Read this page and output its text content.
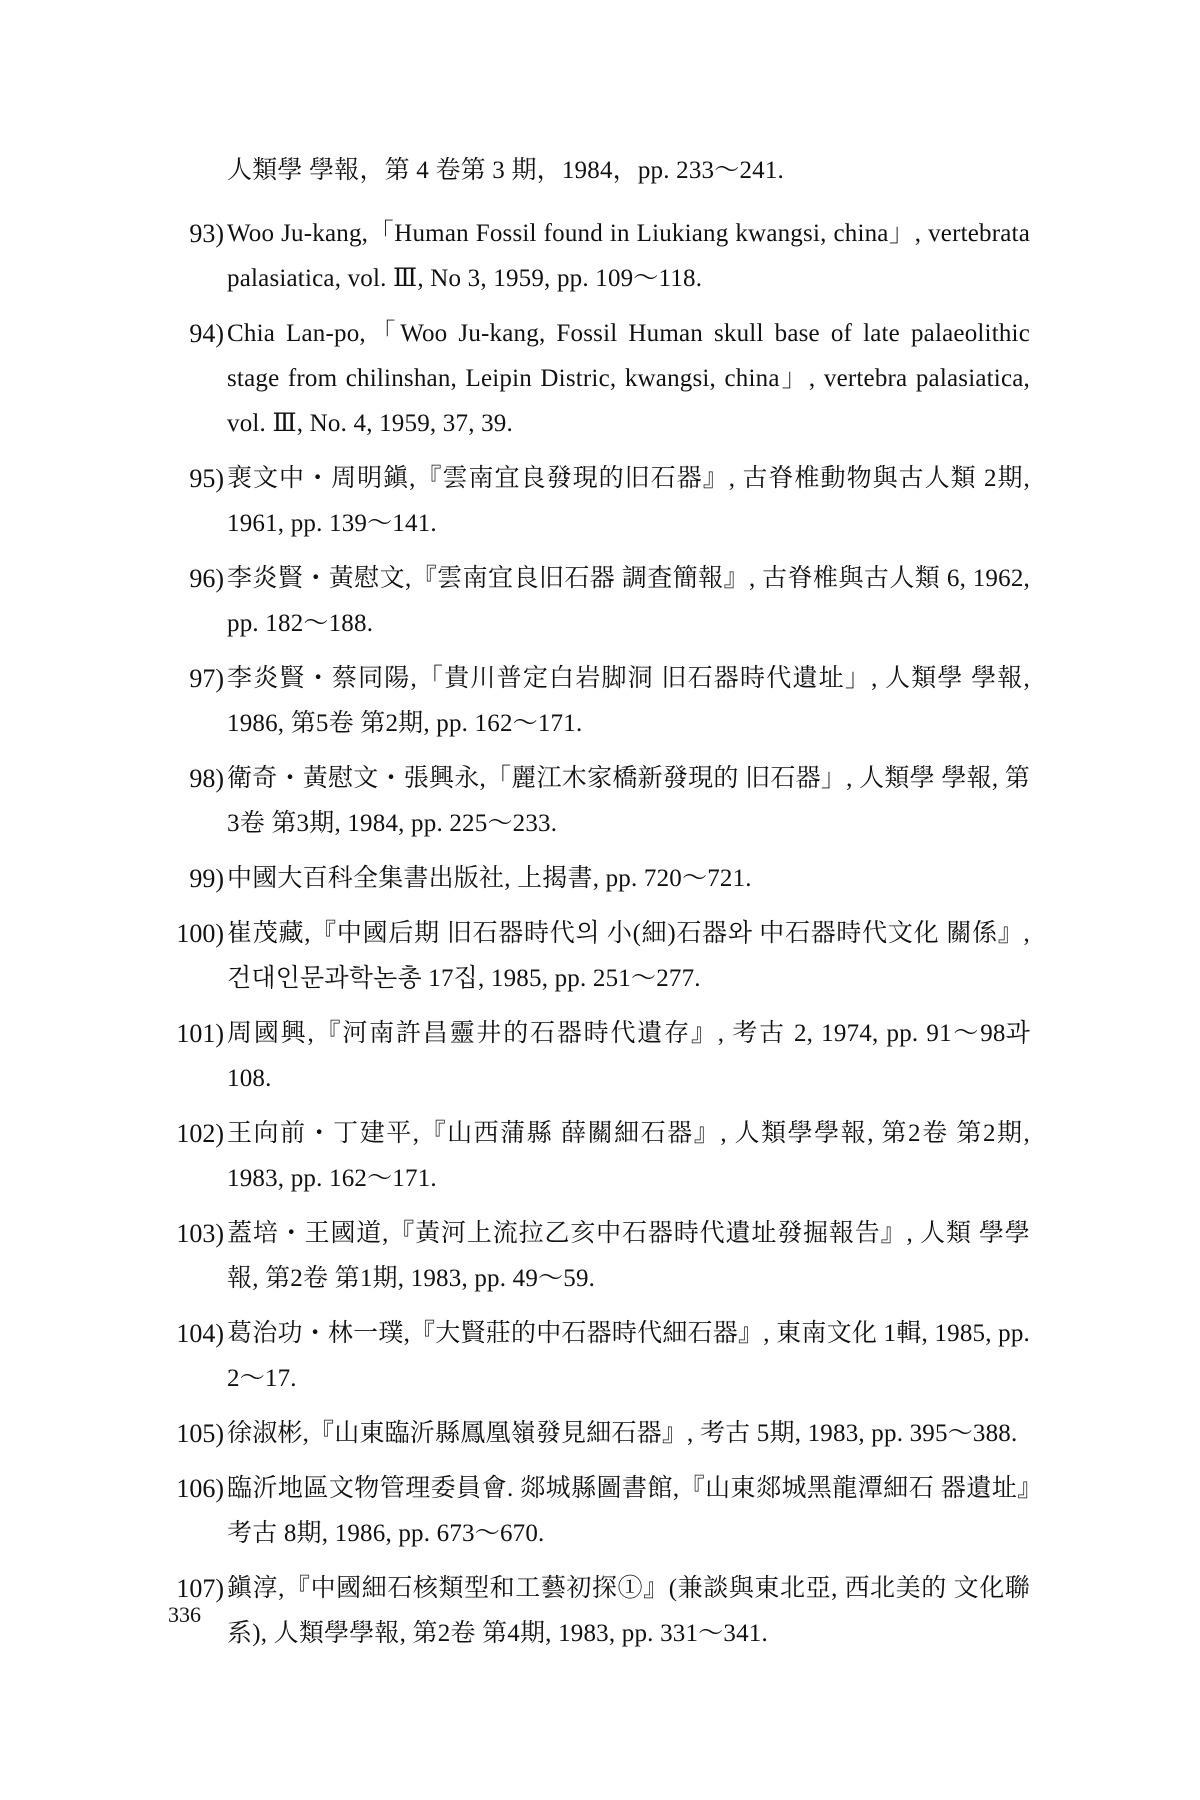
人類學 學報，第 4 卷第 3 期，1984，pp. 233～241.
93) Woo Ju-kang,「Human Fossil found in Liukiang kwangsi, china」, vertebrata palasiatica, vol. Ⅲ, No 3, 1959, pp. 109～118.
94) Chia Lan-po,「Woo Ju-kang, Fossil Human skull base of late palaeolithic stage from chilinshan, Leipin Distric, kwangsi, china」, vertebra palasiatica, vol. Ⅲ, No. 4, 1959, 37, 39.
95) 裵文中・周明鎭,『雲南宜良發現的旧石器』, 古脊椎動物與古人類 2期, 1961, pp. 139～141.
96) 李炎賢・黃慰文,『雲南宜良旧石器 調査簡報』, 古脊椎與古人類 6, 1962, pp. 182～188.
97) 李炎賢・蔡同陽,「貴川普定白岩脚洞 旧石器時代遺址」, 人類學 學報, 1986, 第5卷 第2期, pp. 162～171.
98) 衛奇・黃慰文・張興永,「麗江木家橋新發現的 旧石器」, 人類學 學報, 第3卷 第3期, 1984, pp. 225～233.
99) 中國大百科全集書出版社, 上揭書, pp. 720～721.
100) 崔茂藏,『中國后期 旧石器時代의 小(細)石器와 中石器時代文化 關係』, 건대인문과학논총 17집, 1985, pp. 251～277.
101) 周國興,『河南許昌靈井的石器時代遺存』, 考古 2, 1974, pp. 91～98과 108.
102) 王向前・丁建平,『山西蒲縣 薛關細石器』, 人類學學報, 第2卷 第2期, 1983, pp. 162～171.
103) 蓋培・王國道,『黃河上流拉乙亥中石器時代遺址發掘報告』, 人類 學學報, 第2卷 第1期, 1983, pp. 49～59.
104) 葛治功・林一璞,『大賢莊的中石器時代細石器』, 東南文化 1輯, 1985, pp. 2～17.
105) 徐淑彬,『山東臨沂縣鳳凰嶺發見細石器』, 考古 5期, 1983, pp. 395～388.
106) 臨沂地區文物管理委員會. 郯城縣圖書館,『山東郯城黑龍潭細石 器遺址』考古 8期, 1986, pp. 673～670.
107) 鎭淳,『中國細石核類型和工藝初探①』(兼談與東北亞, 西北美的 文化聯系), 人類學學報, 第2卷 第4期, 1983, pp. 331～341.
336
